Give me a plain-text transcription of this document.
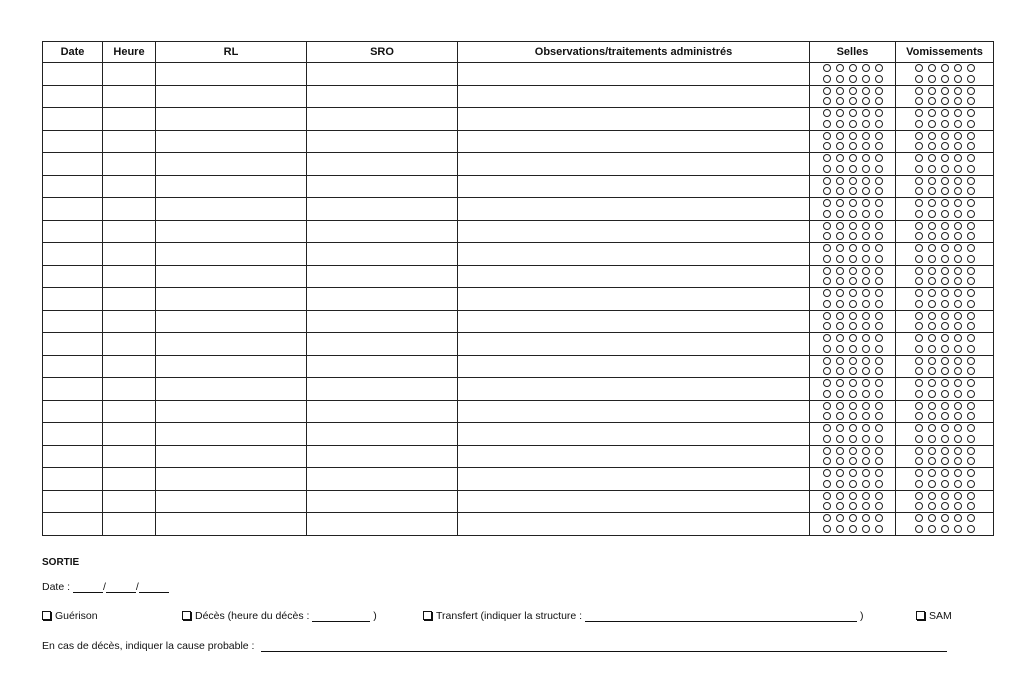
Date	Heure	RL	SRO	Observations/traitements administrés	Selles	Vomissements

SORTIE
Date :	/	/
Guérison	Décès (heure du décès :	)	Transfert (indiquer la structure :	)	SAM
En cas de décès, indiquer la cause probable :
